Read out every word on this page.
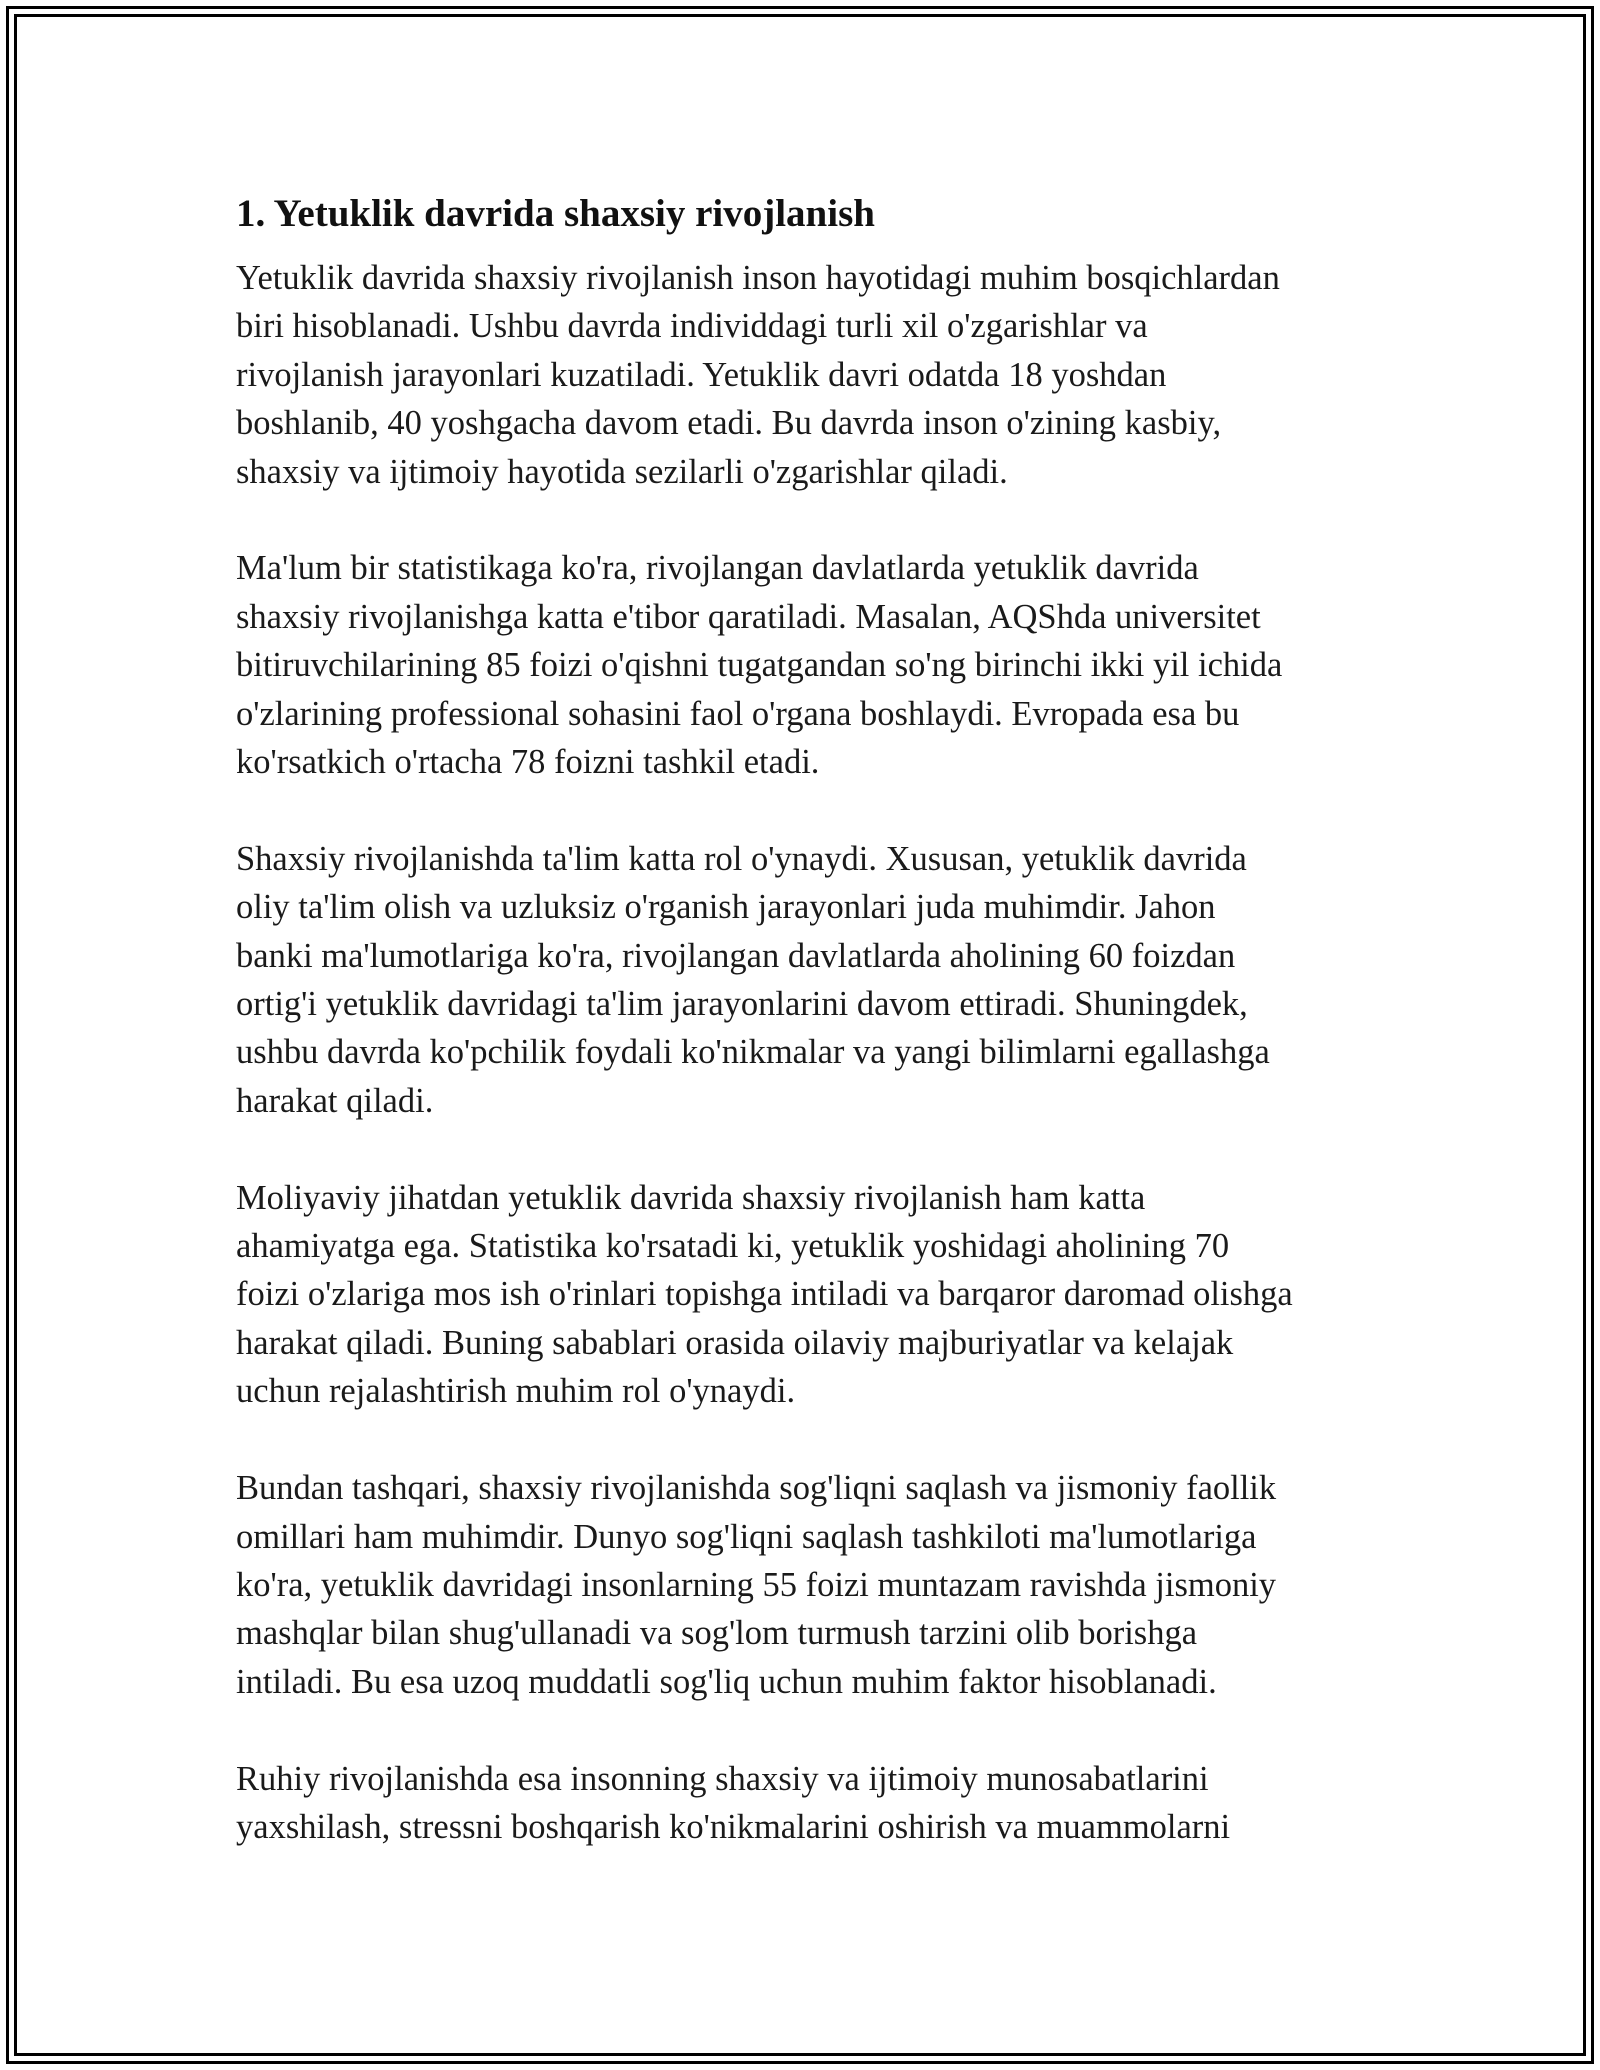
1. Yetuklik davrida shaxsiy rivojlanish

Yetuklik davrida shaxsiy rivojlanish inson hayotidagi muhim bosqichlardan
biri hisoblanadi. Ushbu davrda individdagi turli xil o'zgarishlar va
rivojlanish jarayonlari kuzatiladi. Yetuklik davri odatda 18 yoshdan
boshlanib, 40 yoshgacha davom etadi. Bu davrda inson o'zining kasbiy,
shaxsiy va ijtimoiy hayotida sezilarli o'zgarishlar qiladi.

Ma'lum bir statistikaga ko'ra, rivojlangan davlatlarda yetuklik davrida
shaxsiy rivojlanishga katta e'tibor qaratiladi. Masalan, AQShda universitet
bitiruvchilarining 85 foizi o'qishni tugatgandan so'ng birinchi ikki yil ichida
o'zlarining professional sohasini faol o'rgana boshlaydi. Evropada esa bu
ko'rsatkich o'rtacha 78 foizni tashkil etadi.

Shaxsiy rivojlanishda ta'lim katta rol o'ynaydi. Xususan, yetuklik davrida
oliy ta'lim olish va uzluksiz o'rganish jarayonlari juda muhimdir. Jahon
banki ma'lumotlariga ko'ra, rivojlangan davlatlarda aholining 60 foizdan
ortig'i yetuklik davridagi ta'lim jarayonlarini davom ettiradi. Shuningdek,
ushbu davrda ko'pchilik foydali ko'nikmalar va yangi bilimlarni egallashga
harakat qiladi.

Moliyaviy jihatdan yetuklik davrida shaxsiy rivojlanish ham katta
ahamiyatga ega. Statistika ko'rsatadi ki, yetuklik yoshidagi aholining 70
foizi o'zlariga mos ish o'rinlari topishga intiladi va barqaror daromad olishga
harakat qiladi. Buning sabablari orasida oilaviy majburiyatlar va kelajak
uchun rejalashtirish muhim rol o'ynaydi.

Bundan tashqari, shaxsiy rivojlanishda sog'liqni saqlash va jismoniy faollik
omillari ham muhimdir. Dunyo sog'liqni saqlash tashkiloti ma'lumotlariga
ko'ra, yetuklik davridagi insonlarning 55 foizi muntazam ravishda jismoniy
mashqlar bilan shug'ullanadi va sog'lom turmush tarzini olib borishga
intiladi. Bu esa uzoq muddatli sog'liq uchun muhim faktor hisoblanadi.

Ruhiy rivojlanishda esa insonning shaxsiy va ijtimoiy munosabatlarini
yaxshilash, stressni boshqarish ko'nikmalarini oshirish va muammolarni
